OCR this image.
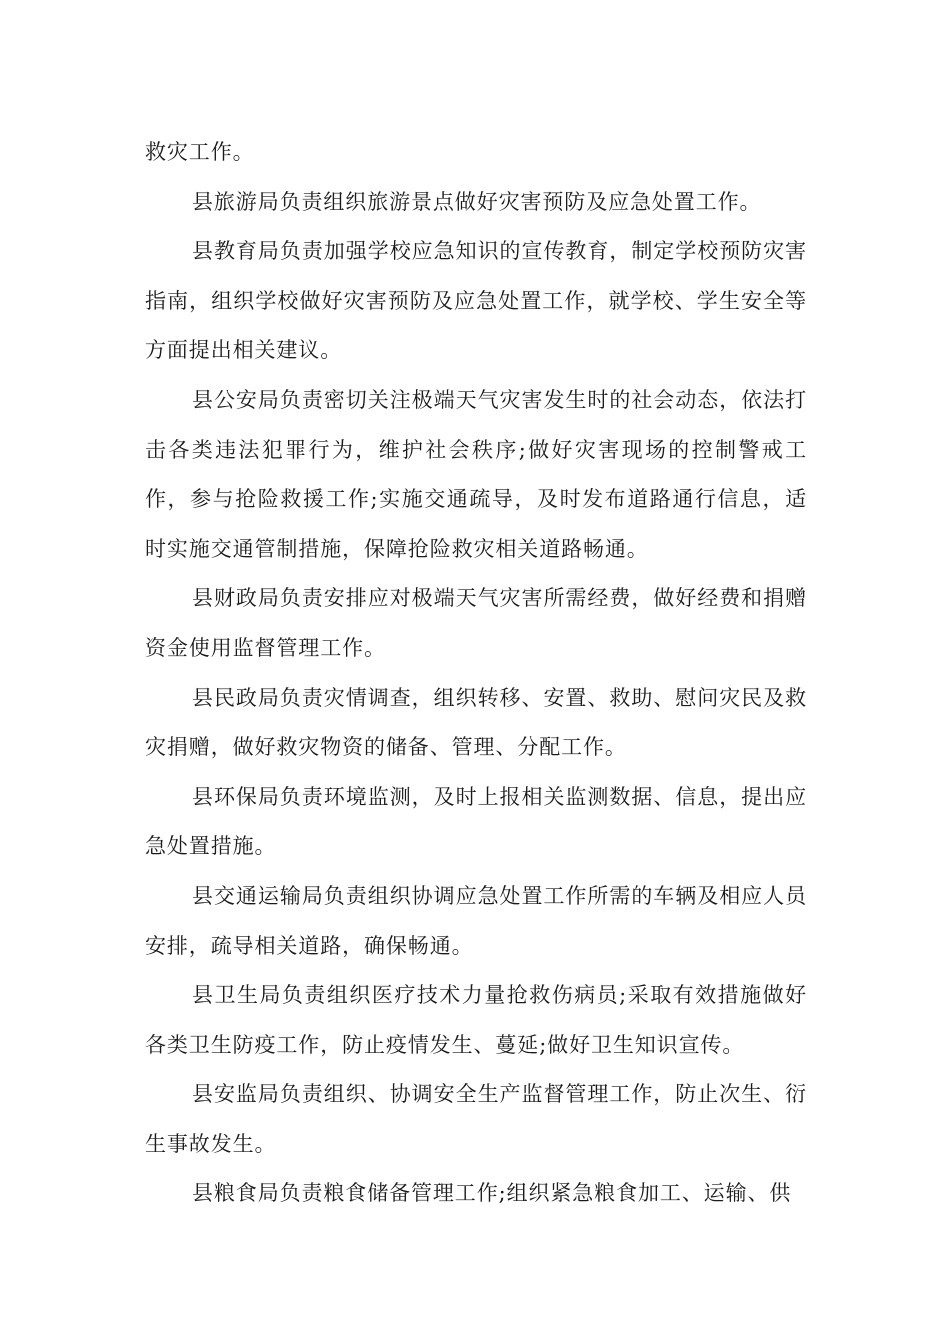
救灾工作。

县旅游局负责组织旅游景点做好灾害预防及应急处置工作。

县教育局负责加强学校应急知识的宣传教育，制定学校预防灾害指南，组织学校做好灾害预防及应急处置工作，就学校、学生安全等方面提出相关建议。

县公安局负责密切关注极端天气灾害发生时的社会动态，依法打击各类违法犯罪行为，维护社会秩序;做好灾害现场的控制警戒工作，参与抢险救援工作;实施交通疏导，及时发布道路通行信息，适时实施交通管制措施，保障抢险救灾相关道路畅通。

县财政局负责安排应对极端天气灾害所需经费，做好经费和捐赠资金使用监督管理工作。

县民政局负责灾情调查，组织转移、安置、救助、慰问灾民及救灾捐赠，做好救灾物资的储备、管理、分配工作。

县环保局负责环境监测，及时上报相关监测数据、信息，提出应急处置措施。

县交通运输局负责组织协调应急处置工作所需的车辆及相应人员安排，疏导相关道路，确保畅通。

县卫生局负责组织医疗技术力量抢救伤病员;采取有效措施做好各类卫生防疫工作，防止疫情发生、蔓延;做好卫生知识宣传。

县安监局负责组织、协调安全生产监督管理工作，防止次生、衍生事故发生。

县粮食局负责粮食储备管理工作;组织紧急粮食加工、运输、供
